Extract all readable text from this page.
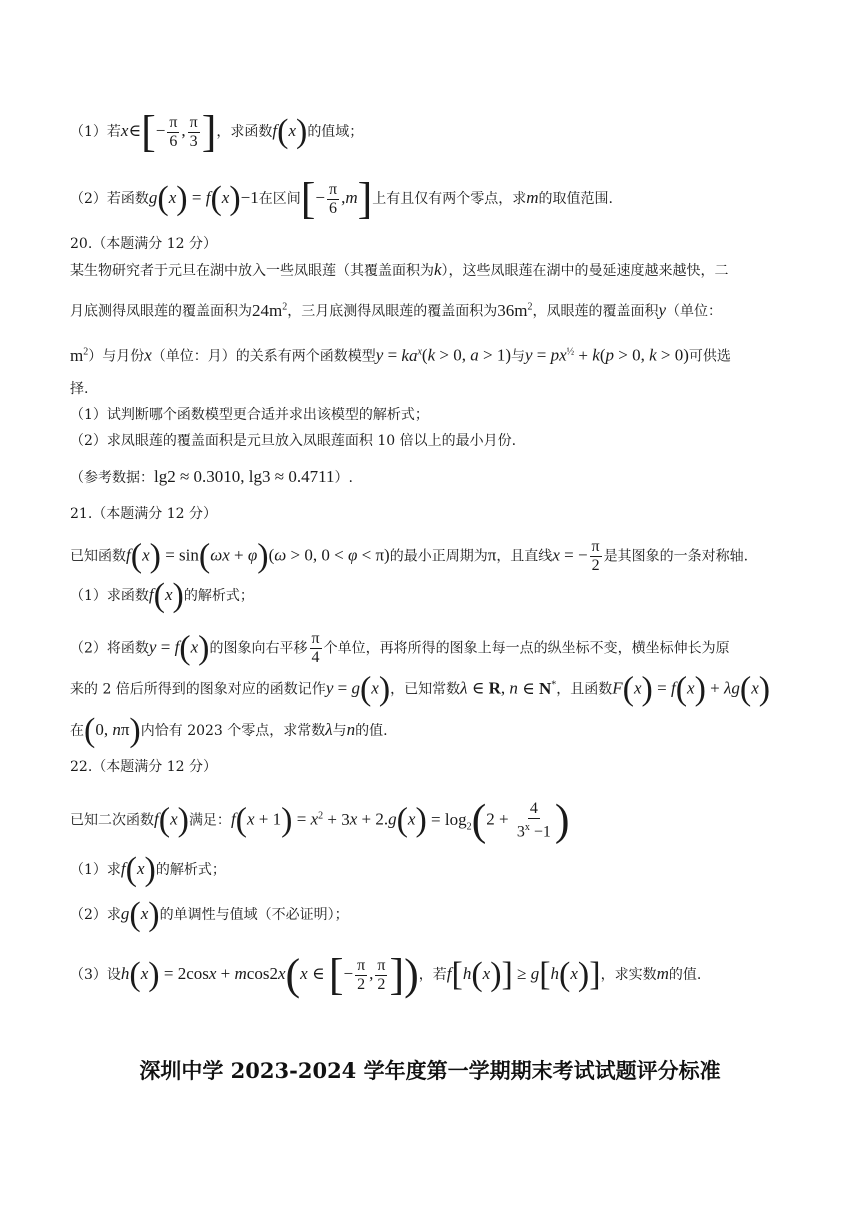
（1）若x∈[− $\frac{\pi}{6}$ , $\frac{\pi}{3}$ ]，求函数f(x)的值域；
（2）若函数g(x) = f(x)−1在区间[− $\frac{\pi}{6} ,m$]上有且仅有两个零点，求m的取值范围.
20.（本题满分 12 分）
某生物研究者于元旦在湖中放入一些凤眼莲（其覆盖面积为k），这些凤眼莲在湖中的曼延速度越来越快，二
月底测得凤眼莲的覆盖面积为$24m^2$，三月底测得凤眼莲的覆盖面积为$36m^2$，凤眼莲的覆盖面积y（单位：
$m^2$）与月份x（单位：月）的关系有两个函数模型$y = ka^x(k > 0$, a > 1)与$y = px^{\frac{1}{2}} + k(p > 0$, k > 0)可供选
择.
（1）试判断哪个函数模型更合适并求出该模型的解析式；
（2）求凤眼莲的覆盖面积是元旦放入凤眼莲面积 10 倍以上的最小月份.
（参考数据：lg2 ≈ 0.3010, lg3 ≈ 0.4711）.
21.（本题满分 12 分）
已知函数f(x) = sin(ωx + φ)(ω > 0, 0 < φ < π)的最小正周期为π，且直线x = − $\frac{\pi}{2}$ 是其图象的一条对称轴.
（1）求函数f(x)的解析式；
（2）将函数y = f(x)的图象向右平移 $\frac{\pi}{4}$ 个单位，再将所得的图象上每一点的纵坐标不变，横坐标伸长为原
来的 2 倍后所得到的图象对应的函数记作y = g(x)，已知常数λ ∈ R, n ∈ N*，且函数F(x) = f(x) + λg(x)
在(0, nπ)内恰有 2023 个零点，求常数λ与n的值.
22.（本题满分 12 分）
已知二次函数f(x)满足：$f(x + 1) = x^2 + 3x + 2.g(x) = \log_2(2 + \frac{4}{3^x -1}$ )
（1）求f(x)的解析式；
（2）求g(x)的单调性与值域（不必证明）；
（3）设h(x) = 2cosx + mcos2x(x ∈ [− $\frac{\pi}{2}$ , $\frac{\pi}{2}$ ])，若f[h(x)] ≥ g[h(x)]，求实数m的值.
深圳中学 2023-2024 学年度第一学期期末考试试题评分标准
